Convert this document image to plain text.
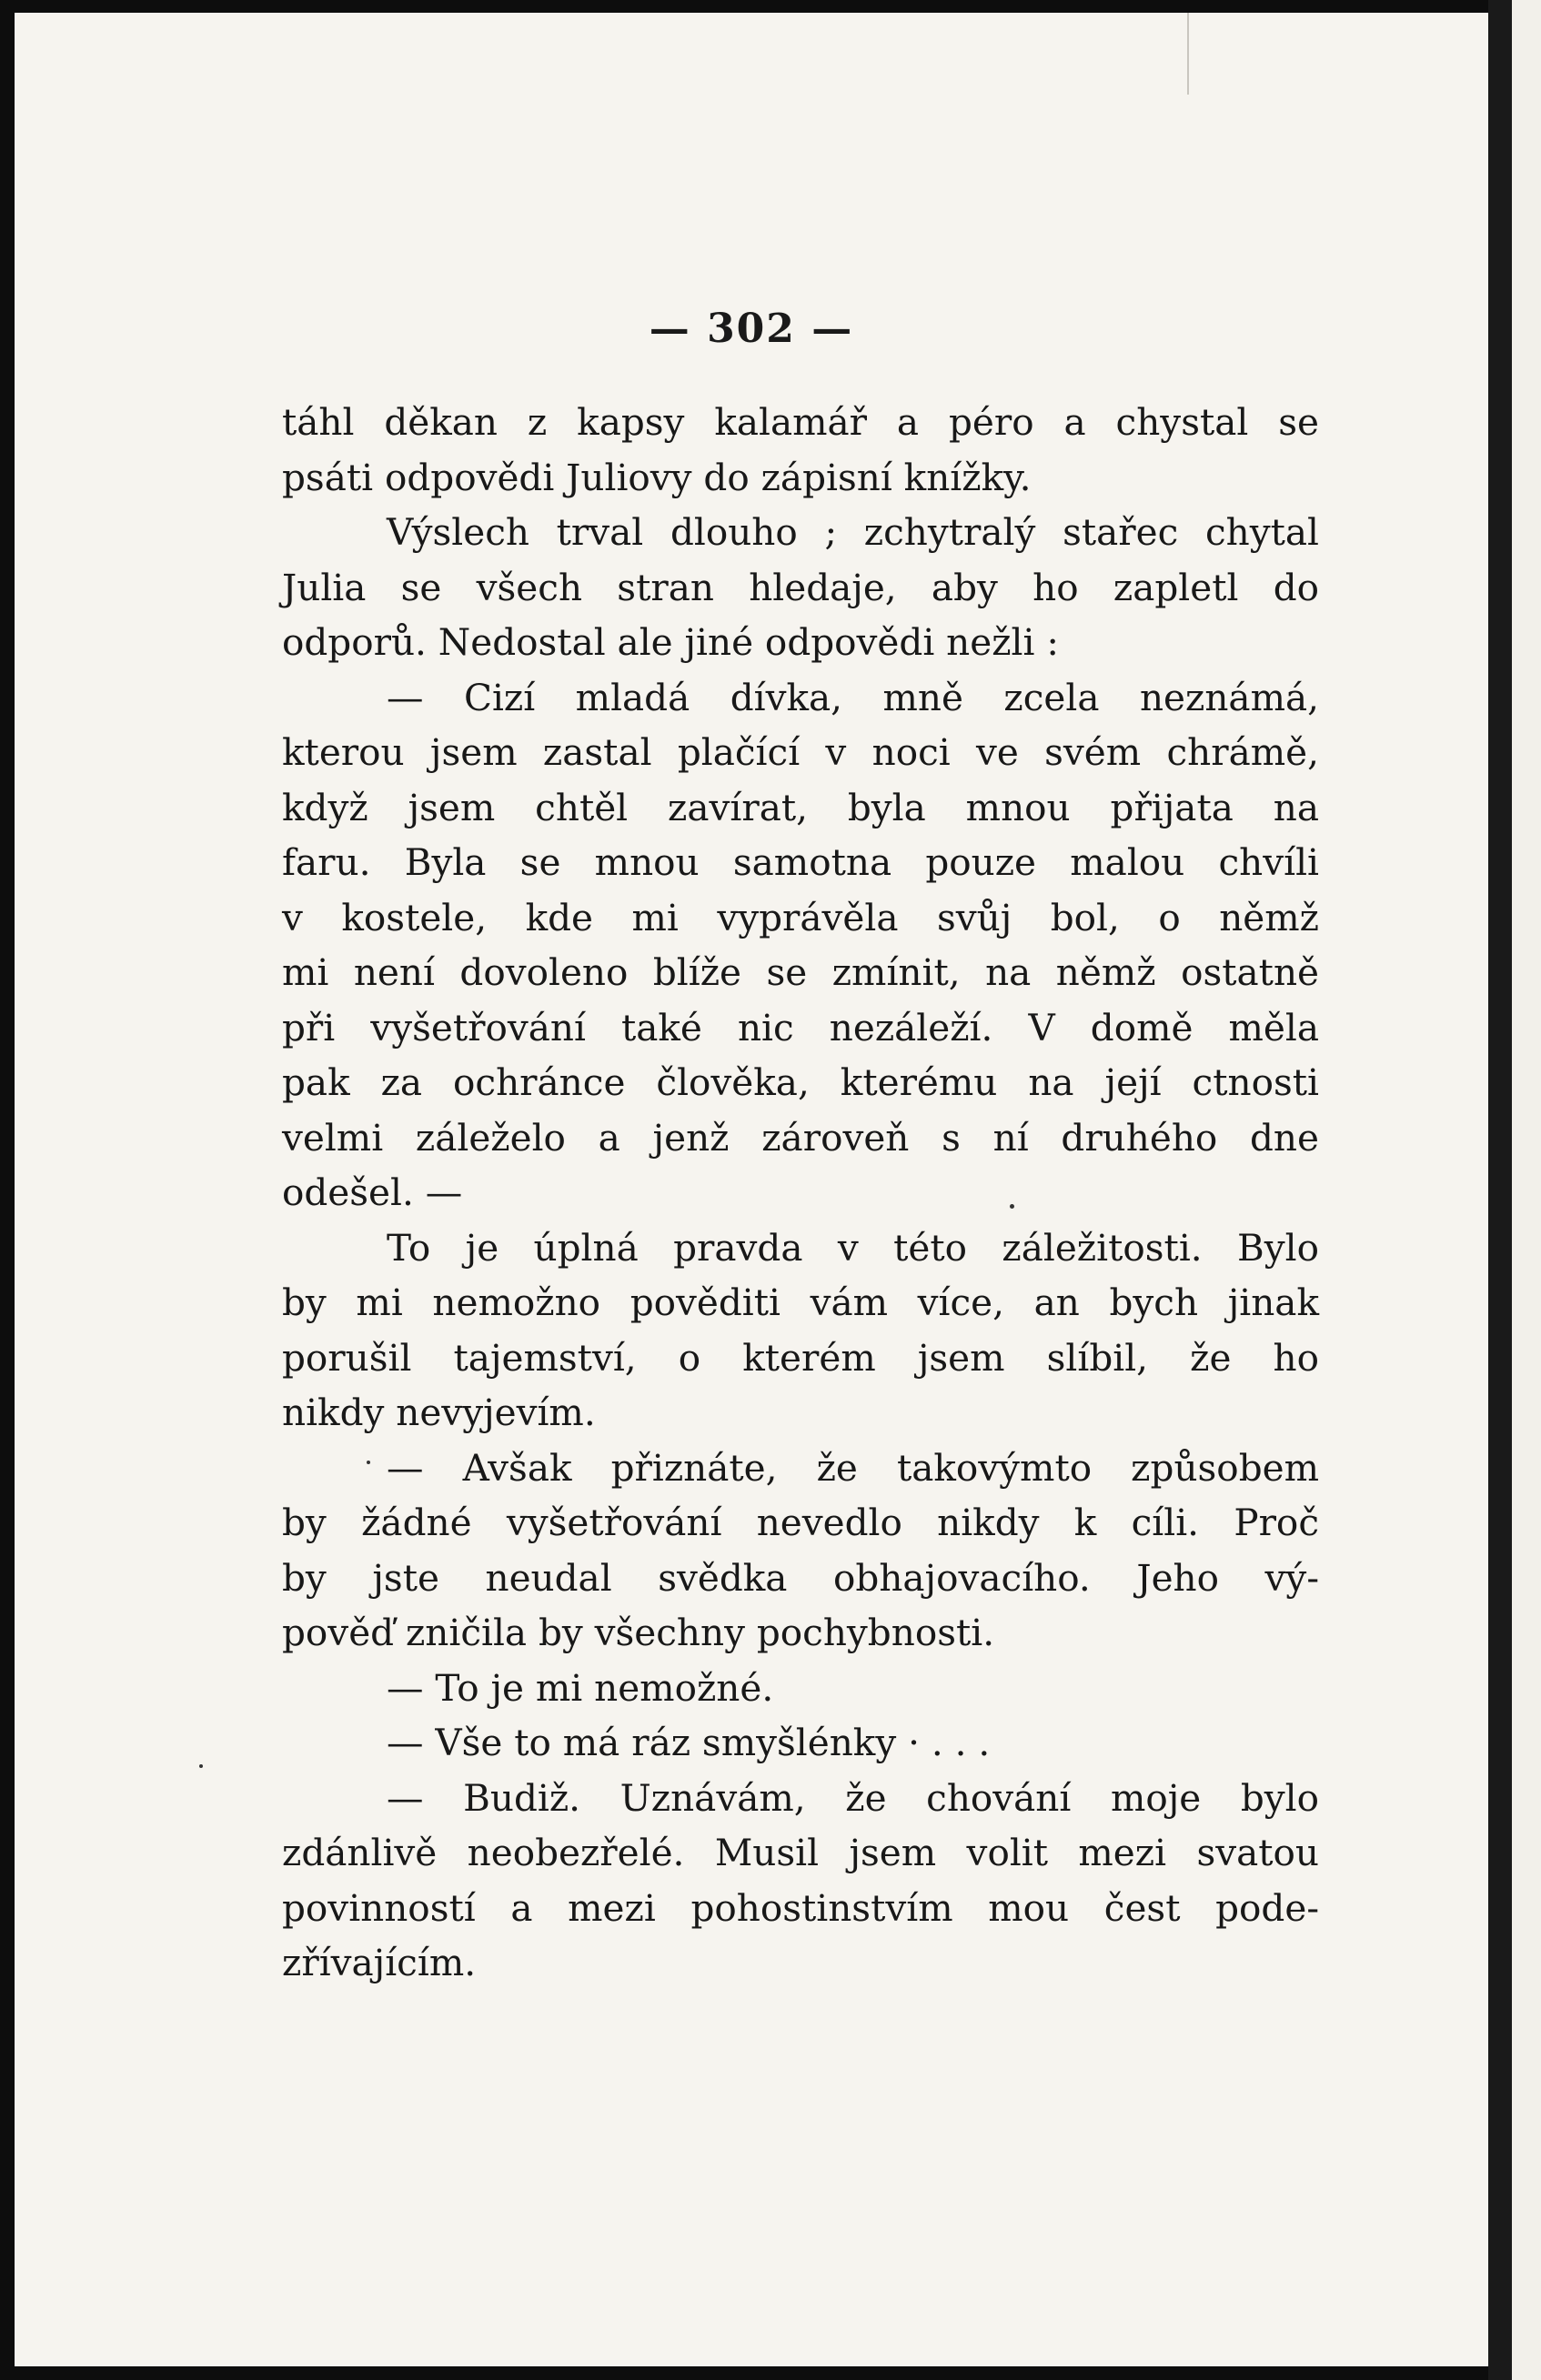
— 302 —
táhl děkan z kapsy kalamář a péro a chystal se
psáti odpovědi Juliovy do zápisní knížky.
Výslech trval dlouho ; zchytralý stařec chytal
Julia se všech stran hledaje, aby ho zapletl do
odporů. Nedostal ale jiné odpovědi nežli :
— Cizí mladá dívka, mně zcela neznámá,
kterou jsem zastal plačící v noci ve svém chrámě,
když jsem chtěl zavírat, byla mnou přijata na
faru. Byla se mnou samotna pouze malou chvíli
v kostele, kde mi vyprávěla svůj bol, o němž
mi není dovoleno blíže se zmínit, na němž ostatně
při vyšetřování také nic nezáleží. V domě měla
pak za ochránce člověka, kterému na její ctnosti
velmi záleželo a jenž zároveň s ní druhého dne
odešel. —
To je úplná pravda v této záležitosti. Bylo
by mi nemožno pověditi vám více, an bych jinak
porušil tajemství, o kterém jsem slíbil, že ho
nikdy nevyjevím.
— Avšak přiznáte, že takovýmto způsobem
by žádné vyšetřování nevedlo nikdy k cíli. Proč
by jste neudal svědka obhajovacího. Jeho vý-
pověď zničila by všechny pochybnosti.
— To je mi nemožné.
— Vše to má ráz smyšlénky · . . .
— Budiž. Uznávám, že chování moje bylo
zdánlivě neobezřelé. Musil jsem volit mezi svatou
povinností a mezi pohostinstvím mou čest pode-
zřívajícím.
